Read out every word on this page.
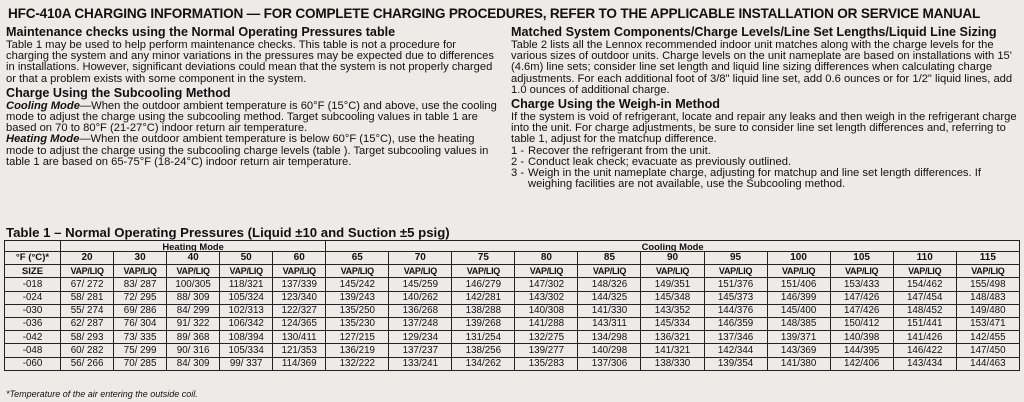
HFC-410A CHARGING INFORMATION — FOR COMPLETE CHARGING PROCEDURES, REFER TO THE APPLICABLE INSTALLATION OR SERVICE MANUAL
Maintenance checks using the Normal Operating Pressures table

Table 1 may be used to help perform maintenance checks. This table is not a procedure for charging the system and any minor variations in the pressures may be expected due to differences in installations. However, significant deviations could mean that the system is not properly charged or that a problem exists with some component in the system.

Charge Using the Subcooling Method

Cooling Mode—When the outdoor ambient temperature is 60°F (15°C) and above, use the cooling mode to adjust the charge using the subcooling method. Target subcooling values in table 1 are based on 70 to 80°F (21-27°C) indoor return air temperature.

Heating Mode—When the outdoor ambient temperature is below 60°F (15°C), use the heating mode to adjust the charge using the subcooling charge levels (table ). Target subcooling values in table 1 are based on 65-75°F (18-24°C) indoor return air temperature.

Matched System Components/Charge Levels/Line Set Lengths/Liquid Line Sizing

Table 2 lists all the Lennox recommended indoor unit matches along with the charge levels for the various sizes of outdoor units. Charge levels on the unit nameplate are based on installations with 15' (4.6m) line sets; consider line set length and liquid line sizing differences when calculating charge adjustments. For each additional foot of 3/8" liquid line set, add 0.6 ounces or for 1/2" liquid lines, add 1.0 ounces of additional charge.

Charge Using the Weigh-in Method

If the system is void of refrigerant, locate and repair any leaks and then weigh in the refrigerant charge into the unit. For charge adjustments, be sure to consider line set length differences and, referring to table 1, adjust for the matchup difference.

1 - Recover the refrigerant from the unit.
2 - Conduct leak check; evacuate as previously outlined.
3 - Weigh in the unit nameplate charge, adjusting for matchup and line set length differences. If weighing facilities are not available, use the Subcooling method.
Table 1 – Normal Operating Pressures (Liquid ±10 and Suction ±5 psig)
	Heating Mode					Cooling Mode										
°F (°C)*	20	30	40	50	60	65	70	75	80	85	90	95	100	105	110	115
SIZE	VAP/LIQ	VAP/LIQ	VAP/LIQ	VAP/LIQ	VAP/LIQ	VAP/LIQ	VAP/LIQ	VAP/LIQ	VAP/LIQ	VAP/LIQ	VAP/LIQ	VAP/LIQ	VAP/LIQ	VAP/LIQ	VAP/LIQ	VAP/LIQ
-018	67/ 272	83/ 287	100/305	118/321	137/339	145/242	145/259	146/279	147/302	148/326	149/351	151/376	151/406	153/433	154/462	155/498
-024	58/ 281	72/ 295	88/ 309	105/324	123/340	139/243	140/262	142/281	143/302	144/325	145/348	145/373	146/399	147/426	147/454	148/483
-030	55/ 274	69/ 286	84/ 299	102/313	122/327	135/250	136/268	138/288	140/308	141/330	143/352	144/376	145/400	147/426	148/452	149/480
-036	62/ 287	76/ 304	91/ 322	106/342	124/365	135/230	137/248	139/268	141/288	143/311	145/334	146/359	148/385	150/412	151/441	153/471
-042	58/ 293	73/ 335	89/ 368	108/394	130/411	127/215	129/234	131/254	132/275	134/298	136/321	137/346	139/371	140/398	141/426	142/455
-048	60/ 282	75/ 299	90/ 316	105/334	121/353	136/219	137/237	138/256	139/277	140/298	141/321	142/344	143/369	144/395	146/422	147/450
-060	56/ 266	70/ 285	84/ 309	99/ 337	114/369	132/222	133/241	134/262	135/283	137/306	138/330	139/354	141/380	142/406	143/434	144/463
*Temperature of the air entering the outside coil.
